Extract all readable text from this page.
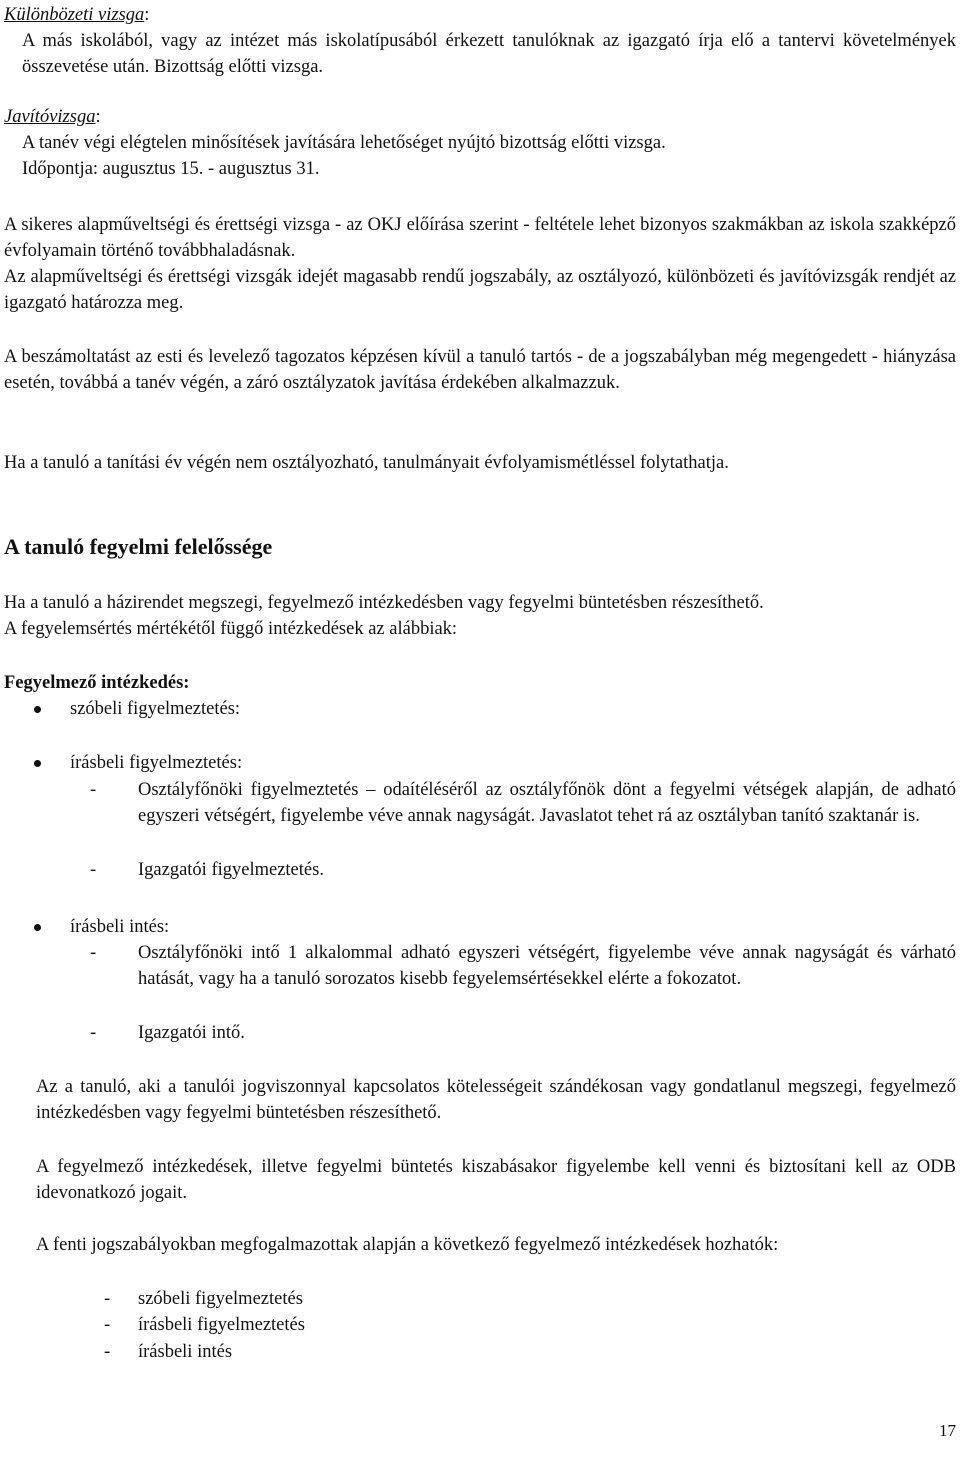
Különbözeti vizsga:

A más iskolából, vagy az intézet más iskolatípusából érkezett tanulóknak az igazgató írja elő a tantervi követelmények összevetése után. Bizottság előtti vizsga.

Javítóvizsga:

A tanév végi elégtelen minősítések javítására lehetőséget nyújtó bizottság előtti vizsga.

Időpontja: augusztus 15. - augusztus 31.

A sikeres alapműveltségi és érettségi vizsga - az OKJ előírása szerint - feltétele lehet bizonyos szakmákban az iskola szakképző évfolyamain történő továbbhaladásnak.

Az alapműveltségi és érettségi vizsgák idejét magasabb rendű jogszabály, az osztályozó, különbözeti és javítóvizsgák rendjét az igazgató határozza meg.

A beszámoltatást az esti és levelező tagozatos képzésen kívül a tanuló tartós - de a jogszabályban még megengedett - hiányzása esetén, továbbá a tanév végén, a záró osztályzatok javítása érdekében alkalmazzuk.

Ha a tanuló a tanítási év végén nem osztályozható, tanulmányait évfolyamismétléssel folytathatja.

A tanuló fegyelmi felelőssége

Ha a tanuló a házirendet megszegi, fegyelmező intézkedésben vagy fegyelmi büntetésben részesíthető.

A fegyelemsértés mértékétől függő intézkedések az alábbiak:

Fegyelmező intézkedés:

szóbeli figyelmeztetés:
írásbeli figyelmeztetés:
- Osztályfőnöki figyelmeztetés – odaítéléséről az osztályfőnök dönt a fegyelmi vétségek alapján, de adható egyszeri vétségért, figyelembe véve annak nagyságát. Javaslatot tehet rá az osztályban tanító szaktanár is.
- Igazgatói figyelmeztetés.
írásbeli intés:
- Osztályfőnöki intő 1 alkalommal adható egyszeri vétségért, figyelembe véve annak nagyságát és várható hatását, vagy ha a tanuló sorozatos kisebb fegyelemsértésekkel elérte a fokozatot.
- Igazgatói intő.

Az a tanuló, aki a tanulói jogviszonnyal kapcsolatos kötelességeit szándékosan vagy gondatlanul megszegi, fegyelmező intézkedésben vagy fegyelmi büntetésben részesíthető.

A fegyelmező intézkedések, illetve fegyelmi büntetés kiszabásakor figyelembe kell venni és biztosítani kell az ODB idevonatkozó jogait.

A fenti jogszabályokban megfogalmazottak alapján a következő fegyelmező intézkedések hozhatók:

- szóbeli figyelmeztetés
- írásbeli figyelmeztetés
- írásbeli intés
17
